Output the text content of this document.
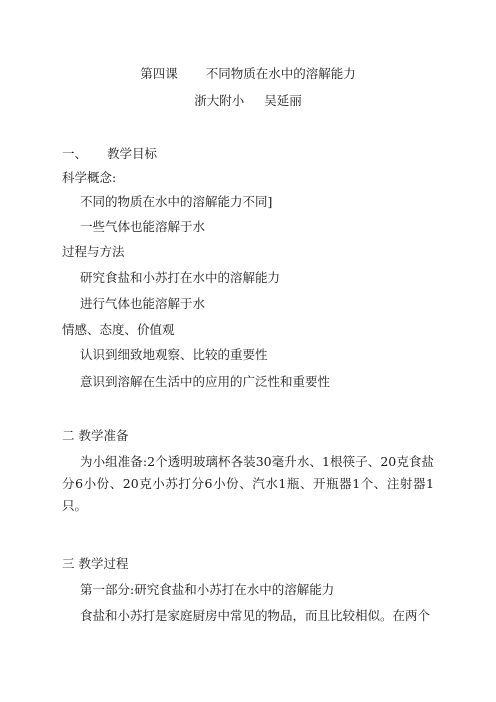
第四课 不同物质在水中的溶解能力
浙大附小 吴延丽
一、 教学目标
科学概念:
不同的物质在水中的溶解能力不同]
一些气体也能溶解于水
过程与方法
研究食盐和小苏打在水中的溶解能力
进行气体也能溶解于水
情感、态度、价值观
认识到细致地观察、比较的重要性
意识到溶解在生活中的应用的广泛性和重要性
二 教学准备
为小组准备:2个透明玻璃杯各装30毫升水、1根筷子、20克食盐分6小份、20克小苏打分6小份、汽水1瓶、开瓶器1个、注射器1只。
三 教学过程
第一部分:研究食盐和小苏打在水中的溶解能力
食盐和小苏打是家庭厨房中常见的物品，而且比较相似。在两个
